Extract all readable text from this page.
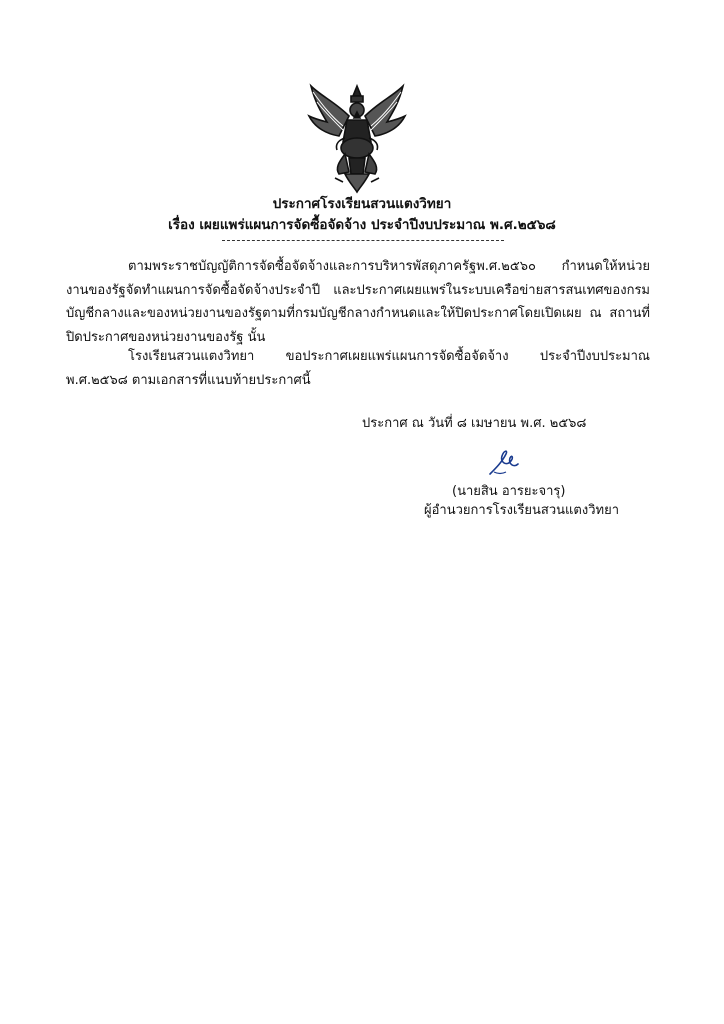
ประกาศโรงเรียนสวนแตงวิทยา
เรื่อง เผยแพร่แผนการจัดซื้อจัดจ้าง ประจำปีงบประมาณ พ.ศ.๒๕๖๘
ตามพระราชบัญญัติการจัดซื้อจัดจ้างและการบริหารพัสดุภาครัฐพ.ศ.๒๕๖๐ กำหนดให้หน่วยงานของรัฐจัดทำแผนการจัดซื้อจัดจ้างประจำปี และประกาศเผยแพร่ในระบบเครือข่ายสารสนเทศของกรมบัญชีกลางและของหน่วยงานของรัฐตามที่กรมบัญชีกลางกำหนดและให้ปิดประกาศโดยเปิดเผย ณ สถานที่ปิดประกาศของหน่วยงานของรัฐ นั้น
โรงเรียนสวนแตงวิทยา ขอประกาศเผยแพร่แผนการจัดซื้อจัดจ้าง ประจำปีงบประมาณ พ.ศ.๒๕๖๘ ตามเอกสารที่แนบท้ายประกาศนี้
ประกาศ ณ วันที่ ๘ เมษายน พ.ศ. ๒๕๖๘
(นายสิน อารยะจารุ)
ผู้อำนวยการโรงเรียนสวนแตงวิทยา
